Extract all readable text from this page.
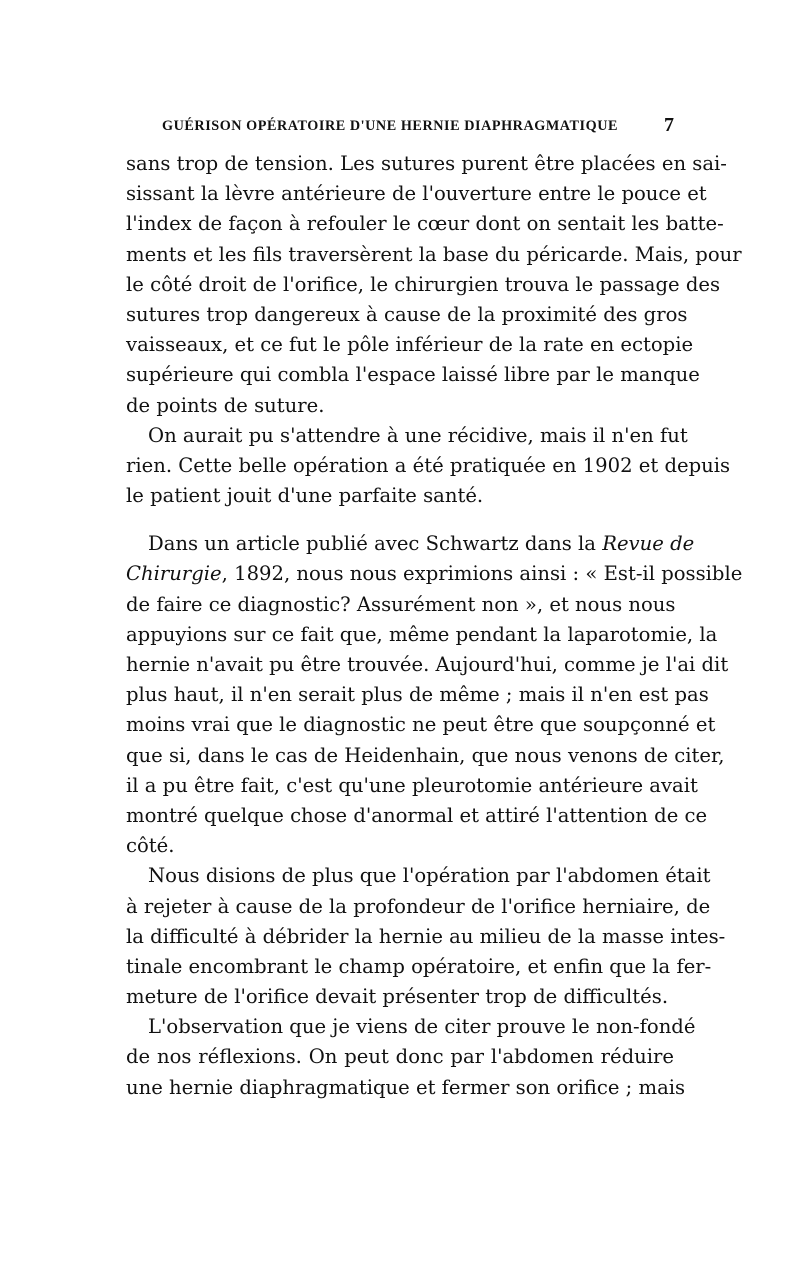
GUÉRISON OPÉRATOIRE D'UNE HERNIE DIAPHRAGMATIQUE 7
sans trop de tension. Les sutures purent être placées en sai-
sissant la lèvre antérieure de l'ouverture entre le pouce et
l'index de façon à refouler le cœur dont on sentait les batte-
ments et les fils traversèrent la base du péricarde. Mais, pour
le côté droit de l'orifice, le chirurgien trouva le passage des
sutures trop dangereux à cause de la proximité des gros
vaisseaux, et ce fut le pôle inférieur de la rate en ectopie
supérieure qui combla l'espace laissé libre par le manque
de points de suture.
On aurait pu s'attendre à une récidive, mais il n'en fut
rien. Cette belle opération a été pratiquée en 1902 et depuis
le patient jouit d'une parfaite santé.
Dans un article publié avec Schwartz dans la Revue de
Chirurgie, 1892, nous nous exprimions ainsi : « Est-il possible
de faire ce diagnostic? Assurément non », et nous nous
appuyions sur ce fait que, même pendant la laparotomie, la
hernie n'avait pu être trouvée. Aujourd'hui, comme je l'ai dit
plus haut, il n'en serait plus de même ; mais il n'en est pas
moins vrai que le diagnostic ne peut être que soupçonné et
que si, dans le cas de Heidenhain, que nous venons de citer,
il a pu être fait, c'est qu'une pleurotomie antérieure avait
montré quelque chose d'anormal et attiré l'attention de ce
côté.
Nous disions de plus que l'opération par l'abdomen était
à rejeter à cause de la profondeur de l'orifice herniaire, de
la difficulté à débrider la hernie au milieu de la masse intes-
tinale encombrant le champ opératoire, et enfin que la fer-
meture de l'orifice devait présenter trop de difficultés.
L'observation que je viens de citer prouve le non-fondé
de nos réflexions. On peut donc par l'abdomen réduire
une hernie diaphragmatique et fermer son orifice ; mais
